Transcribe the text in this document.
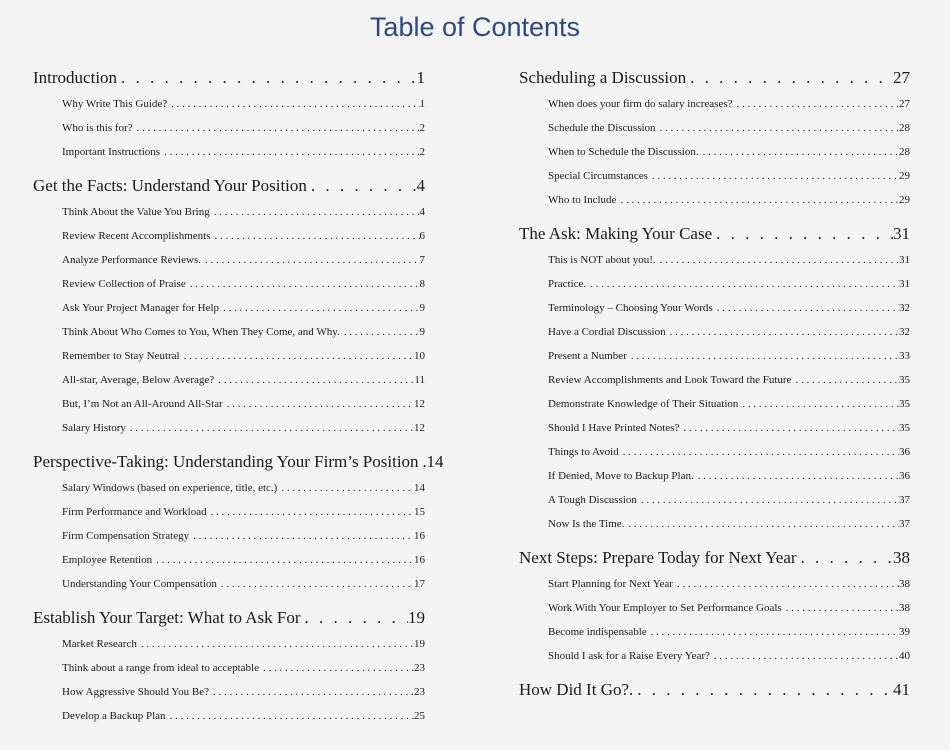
Table of Contents
Introduction . . .	1
Why Write This Guide? . . .	1
Who is this for? . . .	2
Important Instructions . . .	2
Get the Facts: Understand Your Position . . .	4
Think About the Value You Bring . . .	4
Review Recent Accomplishments . . .	6
Analyze Performance Reviews. . . .	7
Review Collection of Praise . . .	8
Ask Your Project Manager for Help . . .	9
Think About Who Comes to You, When They Come, and Why. . . .	9
Remember to Stay Neutral . . .	10
All-star, Average, Below Average? . . .	11
But, I’m Not an All-Around All-Star . . .	12
Salary History . . .	12
Perspective-Taking: Understanding Your Firm’s Position . . . 14
Salary Windows (based on experience, title, etc.) . . .	14
Firm Performance and Workload . . .	15
Firm Compensation Strategy . . .	16
Employee Retention . . .	16
Understanding Your Compensation . . .	17
Establish Your Target: What to Ask For . . .	19
Market Research . . .	19
Think about a range from ideal to acceptable . . .	23
How Aggressive Should You Be? . . .	23
Develop a Backup Plan . . .	25
Scheduling a Discussion . . .	27
When does your firm do salary increases? . . .	27
Schedule the Discussion . . .	28
When to Schedule the Discussion. . . .	28
Special Circumstances . . .	29
Who to Include . . .	29
The Ask: Making Your Case . . .	31
This is NOT about you!. . . .	31
Practice. . . .	31
Terminology – Choosing Your Words . . .	32
Have a Cordial Discussion . . .	32
Present a Number . . .	33
Review Accomplishments and Look Toward the Future . . .	35
Demonstrate Knowledge of Their Situation . . .	35
Should I Have Printed Notes? . . .	35
Things to Avoid . . .	36
If Denied, Move to Backup Plan. . . .	36
A Tough Discussion . . .	37
Now Is the Time. . . .	37
Next Steps: Prepare Today for Next Year . . .	38
Start Planning for Next Year . . .	38
Work With Your Employer to Set Performance Goals . . .	38
Become indispensable . . .	39
Should I ask for a Raise Every Year? . . .	40
How Did It Go?. . . .	41
